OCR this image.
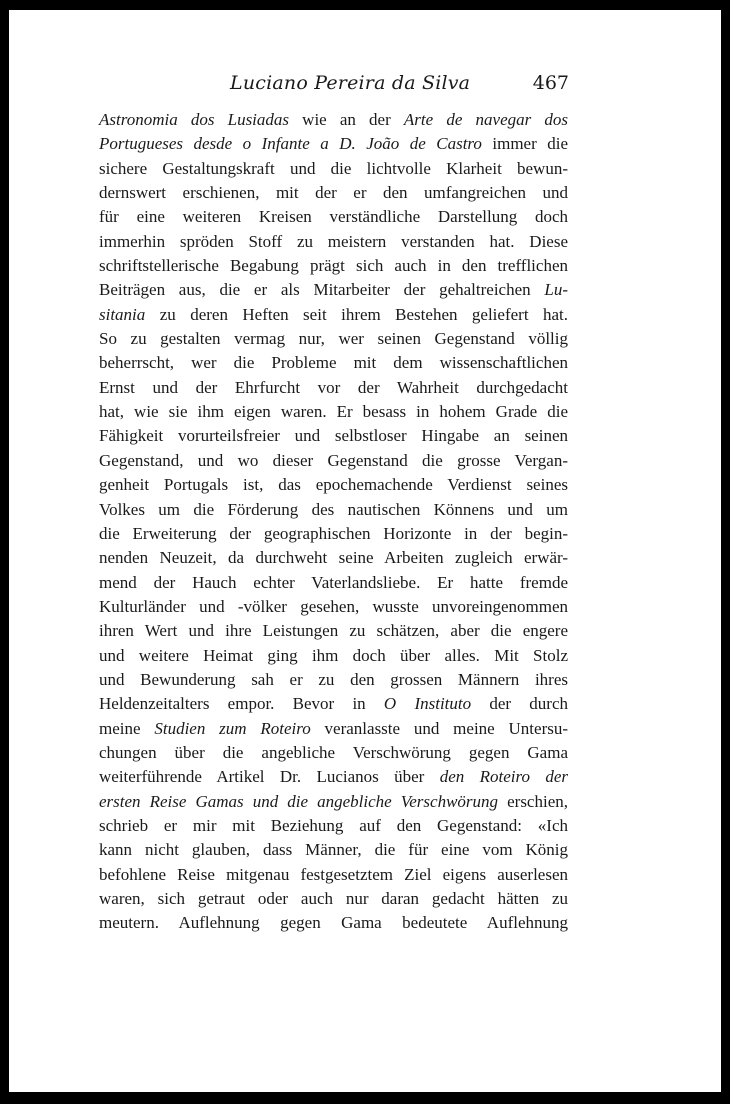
Luciano Pereira da Silva	467
Astronomia dos Lusiadas wie an der Arte de navegar dos
Portugueses desde o Infante a D. João de Castro immer die
sichere Gestaltungskraft und die lichtvolle Klarheit bewun-
dernswert erschienen, mit der er den umfangreichen und
für eine weiteren Kreisen verständliche Darstellung doch
immerhin spröden Stoff zu meistern verstanden hat. Diese
schriftstellerische Begabung prägt sich auch in den trefflichen
Beiträgen aus, die er als Mitarbeiter der gehaltreichen Lu-
sitania zu deren Heften seit ihrem Bestehen geliefert hat.
So zu gestalten vermag nur, wer seinen Gegenstand völlig
beherrscht, wer die Probleme mit dem wissenschaftlichen
Ernst und der Ehrfurcht vor der Wahrheit durchgedacht
hat, wie sie ihm eigen waren. Er besass in hohem Grade die
Fähigkeit vorurteilsfreier und selbstloser Hingabe an seinen
Gegenstand, und wo dieser Gegenstand die grosse Vergan-
genheit Portugals ist, das epochemachende Verdienst seines
Volkes um die Förderung des nautischen Könnens und um
die Erweiterung der geographischen Horizonte in der begin-
nenden Neuzeit, da durchweht seine Arbeiten zugleich erwär-
mend der Hauch echter Vaterlandsliebe. Er hatte fremde
Kulturländer und -völker gesehen, wusste unvoreingenommen
ihren Wert und ihre Leistungen zu schätzen, aber die engere
und weitere Heimat ging ihm doch über alles. Mit Stolz
und Bewunderung sah er zu den grossen Männern ihres
Heldenzeitalters empor. Bevor in O Instituto der durch
meine Studien zum Roteiro veranlasste und meine Untersu-
chungen über die angebliche Verschwörung gegen Gama
weiterführende Artikel Dr. Lucianos über den Roteiro der
ersten Reise Gamas und die angebliche Verschwörung erschien,
schrieb er mir mit Beziehung auf den Gegenstand: «Ich
kann nicht glauben, dass Männer, die für eine vom König
befohlene Reise mitgenau festgesetztem Ziel eigens auserlesen
waren, sich getraut oder auch nur daran gedacht hätten zu
meutern. Auflehnung gegen Gama bedeutete Auflehnung
